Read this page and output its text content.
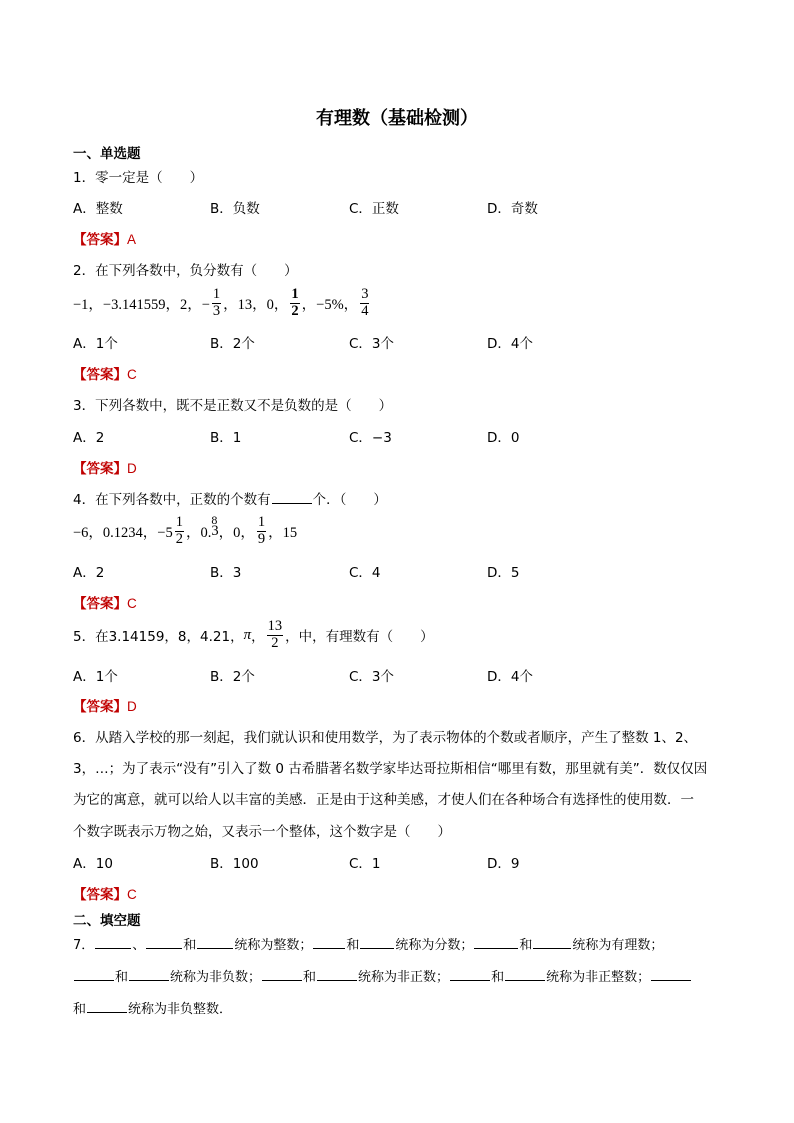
有理数（基础检测）
一、单选题
1．零一定是（　　）
A．整数	B．负数	C．正数	D．奇数
【答案】A
2．在下列各数中，负分数有（　　）
−1，−3.141559，2，− $\frac{1}{3}$ ，13，0， $\frac{1}{2}$ ，−5%， $\frac{3}{4}$
A．1个	B．2个	C．3个	D．4个
【答案】C
3．下列各数中，既不是正数又不是负数的是（　　）
A．2	B．1	C．−3	D．0
【答案】D
4．在下列各数中，正数的个数有	个．（　　）
−6，0.1234，$-5 \frac{1}{2}$ ，0.
8
3 ，0， $\frac{1}{9}$ ，15
A．2	B．3	C．4	D．5
【答案】C
5．在3.14159，8，4.21， π ， $\frac{13}{2}$ ，中，有理数有（　　）
A．1个	B．2个	C．3个	D．4个
【答案】D
6．从踏入学校的那一刻起，我们就认识和使用数学，为了表示物体的个数或者顺序，产生了整数 1、2、
3，…；为了表示“没有”引入了数 0 古希腊著名数学家毕达哥拉斯相信“哪里有数，那里就有美”．数仅仅因
为它的寓意，就可以给人以丰富的美感．正是由于这种美感，才使人们在各种场合有选择性的使用数．一
个数字既表示万物之始，又表示一个整体，这个数字是（　　）
A．10	B．100	C．1	D．9
【答案】C
二、填空题
7．	、	和	统称为整数；	和	统称为分数；	和	统称为有理数；
和	统称为非负数；	和	统称为非正数；	和	统称为非正整数；
和	统称为非负整数．
